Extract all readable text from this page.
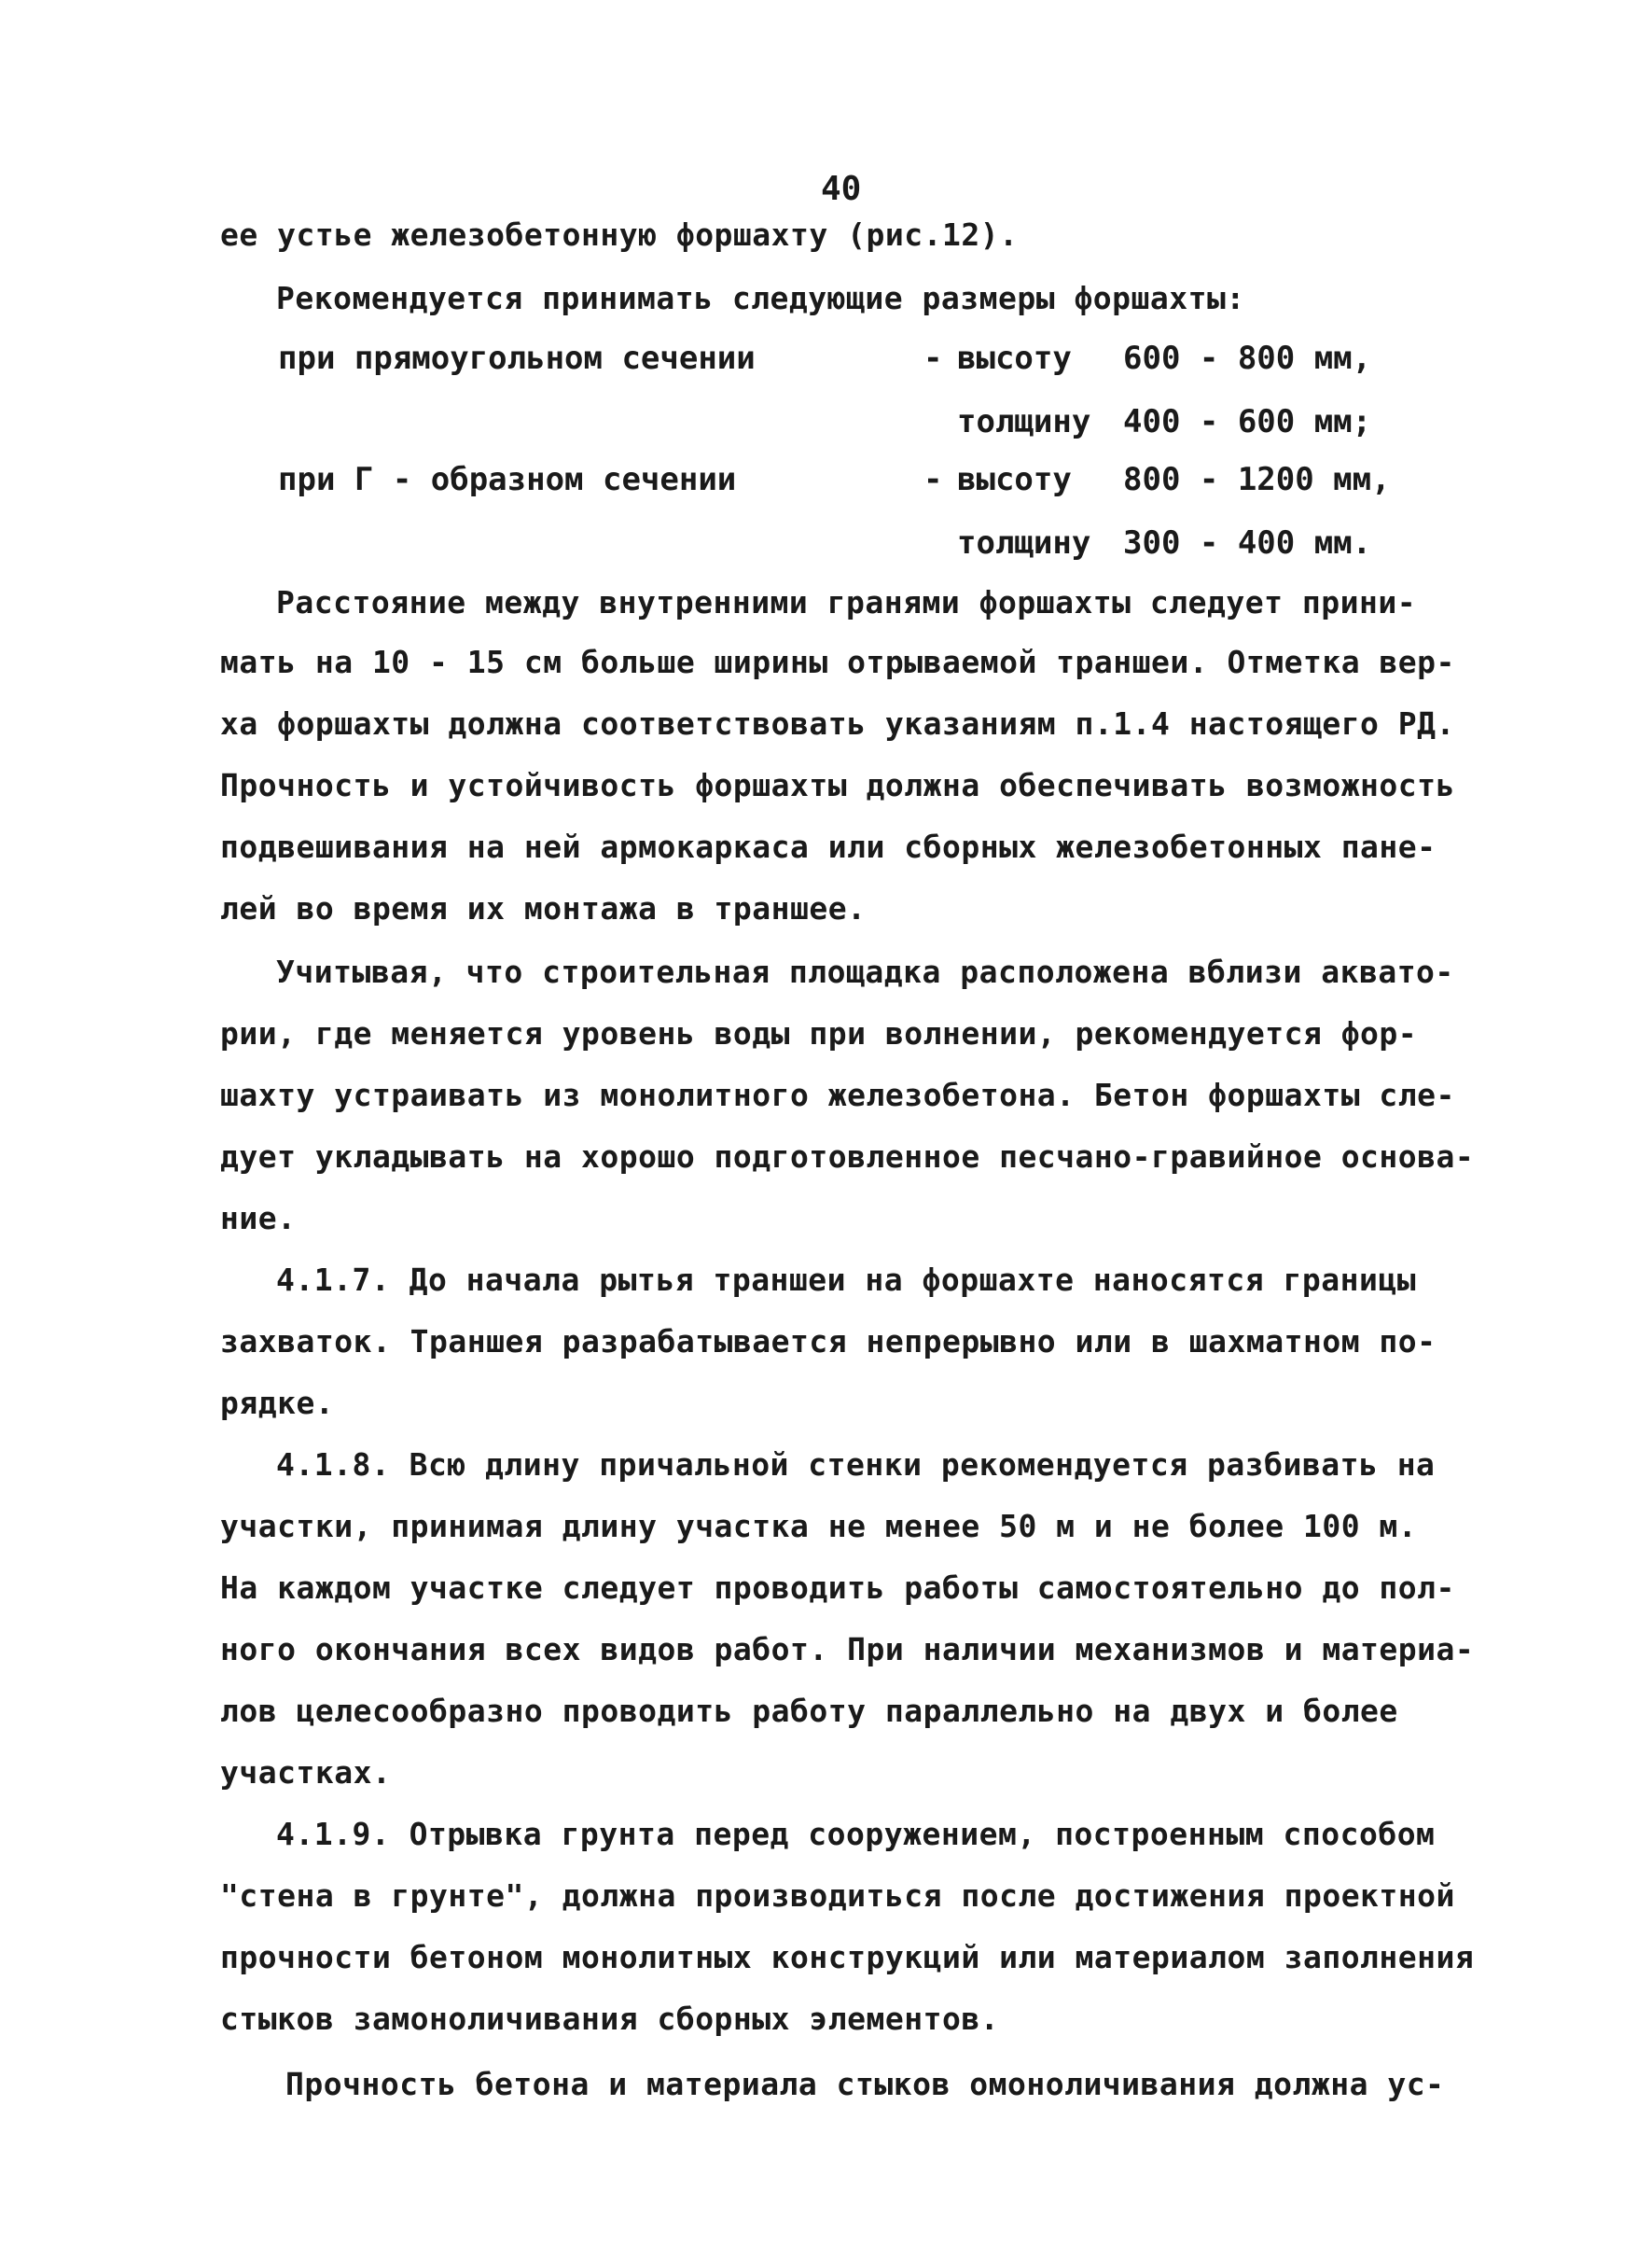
40
ее устье железобетонную форшахту (рис.12).
Рекомендуется принимать следующие размеры форшахты:
при прямоугольном сечении	- высоту 600 - 800 мм,
толщину 400 - 600 мм;
при Г - образном сечении	- высоту 800 - 1200 мм,
толщину 300 - 400 мм.
Расстояние между внутренними гранями форшахты следует прини-
мать на 10 - 15 см больше ширины отрываемой траншеи. Отметка вер-
ха форшахты должна соответствовать указаниям п.1.4 настоящего РД.
Прочность и устойчивость форшахты должна обеспечивать возможность
подвешивания на ней армокаркаса или сборных железобетонных пане-
лей во время их монтажа в траншее.
Учитывая, что строительная площадка расположена вблизи аквато-
рии, где меняется уровень воды при волнении, рекомендуется фор-
шахту устраивать из монолитного железобетона. Бетон форшахты сле-
дует укладывать на хорошо подготовленное песчано-гравийное основа-
ние.
4.1.7. До начала рытья траншеи на форшахте наносятся границы
захваток. Траншея разрабатывается непрерывно или в шахматном по-
рядке.
4.1.8. Всю длину причальной стенки рекомендуется разбивать на
участки, принимая длину участка не менее 50 м и не более 100 м.
На каждом участке следует проводить работы самостоятельно до пол-
ного окончания всех видов работ. При наличии механизмов и материа-
лов целесообразно проводить работу параллельно на двух и более
участках.
4.1.9. Отрывка грунта перед сооружением, построенным способом
"стена в грунте", должна производиться после достижения проектной
прочности бетоном монолитных конструкций или материалом заполнения
стыков замоноличивания сборных элементов.
Прочность бетона и материала стыков омоноличивания должна ус-
